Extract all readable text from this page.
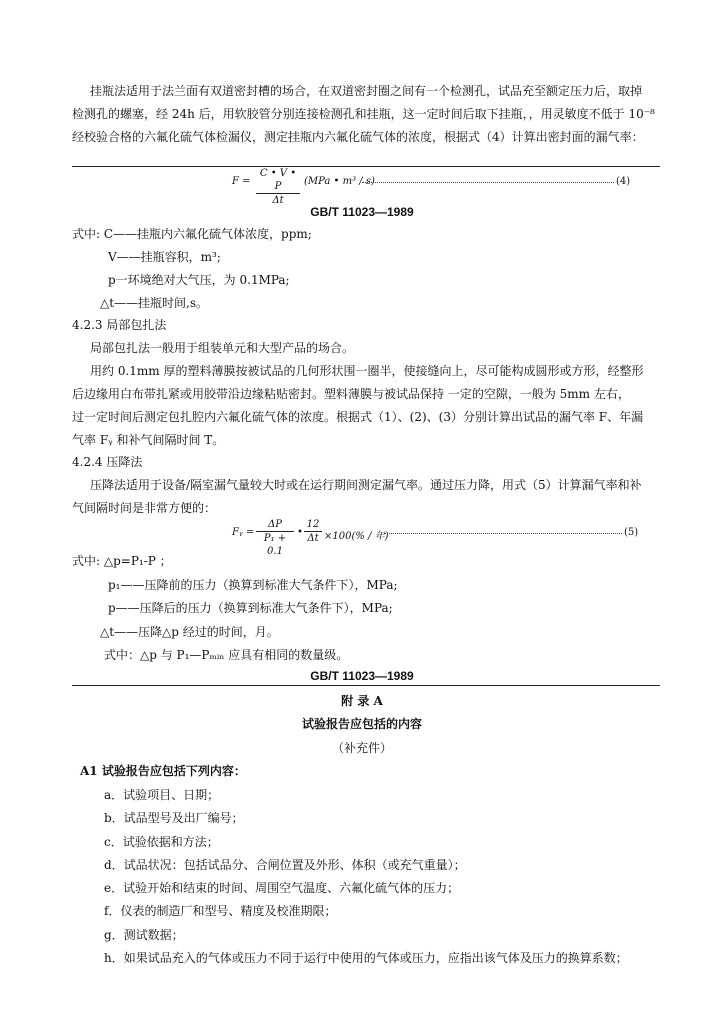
挂瓶法适用于法兰面有双道密封槽的场合，在双道密封圈之间有一个检测孔，试品充至额定压力后，取掉
检测孔的螺塞，经 24h 后，用软胶管分别连接检测孔和挂瓶，这一定时间后取下挂瓶，，用灵敏度不低于 10⁻⁸
经校验合格的六氟化硫气体检漏仪，测定挂瓶内六氟化硫气体的浓度，根据式（4）计算出密封面的漏气率：
$F = \frac{C • V • P}{\Delta t} (MPa$ • m³ / s)	(4)
GB/T 11023—1989
式中: C——挂瓶内六氟化硫气体浓度，ppm;
V——挂瓶容积，m³;
p一环境绝对大气压，为 0.1MPa;
△t——挂瓶时间,s。
4.2.3 局部包扎法
局部包扎法一般用于组装单元和大型产品的场合。
用约 0.1mm 厚的塑料薄膜按被试品的几何形状围一圈半，使接缝向上，尽可能构成圆形或方形，经整形
后边缘用白布带扎紧或用胶带沿边缘粘贴密封。塑料薄膜与被试品保持 一定的空隙，一般为 5mm 左右，
过一定时间后测定包扎腔内六氟化硫气体的浓度。根据式（1）、(2)、(3）分别计算出试品的漏气率 F、年漏
气率 Fᵧ 和补气间隔时间 T。
4.2.4 压降法
压降法适用于设备/隔室漏气量较大时或在运行期间测定漏气率。通过压力降，用式（5）计算漏气率和补
气间隔时间是非常方便的：
Fᵧ = $\frac{\Delta P}{\text{P₁ + 0.1}}$ • $\frac{12}{\Delta t} \times 100(\%$ / 年)	(5)
式中: △p=P₁-P ；
p₁——压降前的压力（换算到标准大气条件下），MPa;
p——压降后的压力（换算到标准大气条件下），MPa;
△t——压降△p 经过的时间，月。
式中：△p 与 P₁—Pₘᵢₙ 应具有相同的数量级。
GB/T 11023—1989
附 录 A
试验报告应包括的内容
（补充件）
A1 试验报告应包括下列内容：
a．试验项目、日期；
b．试品型号及出厂编号；
c．试验依据和方法；
d．试品状况：包括试品分、合闸位置及外形、体积（或充气重量）；
e．试验开始和结束的时间、周围空气温度、六氟化硫气体的压力；
f．仪表的制造厂和型号、精度及校准期限；
g．测试数据；
h．如果试品充入的气体或压力不同于运行中使用的气体或压力，应指出该气体及压力的换算系数；
